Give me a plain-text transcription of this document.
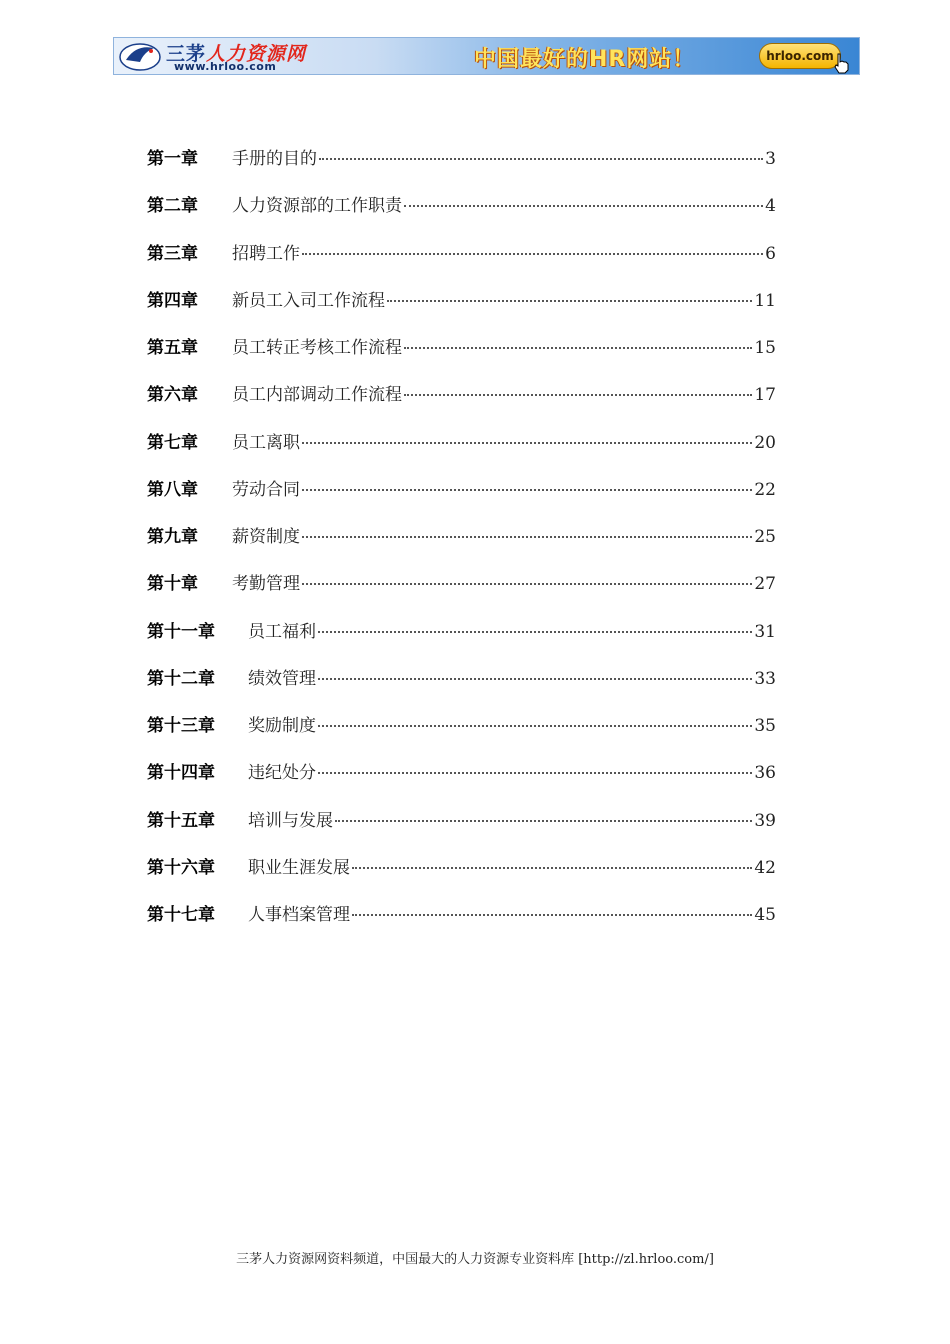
三茅人力资源网
www.hrloo.com	中国最好的HR网站！	hrloo.com
第一章	手册的目的	3
第二章	人力资源部的工作职责	4
第三章	招聘工作	6
第四章	新员工入司工作流程	11
第五章	员工转正考核工作流程	15
第六章	员工内部调动工作流程	17
第七章	员工离职	20
第八章	劳动合同	22
第九章	薪资制度	25
第十章	考勤管理	27
第十一章	员工福利	31
第十二章	绩效管理	33
第十三章	奖励制度	35
第十四章	违纪处分	36
第十五章	培训与发展	39
第十六章	职业生涯发展	42
第十七章	人事档案管理	45
三茅人力资源网资料频道，中国最大的人力资源专业资料库 [http://zl.hrloo.com/]
